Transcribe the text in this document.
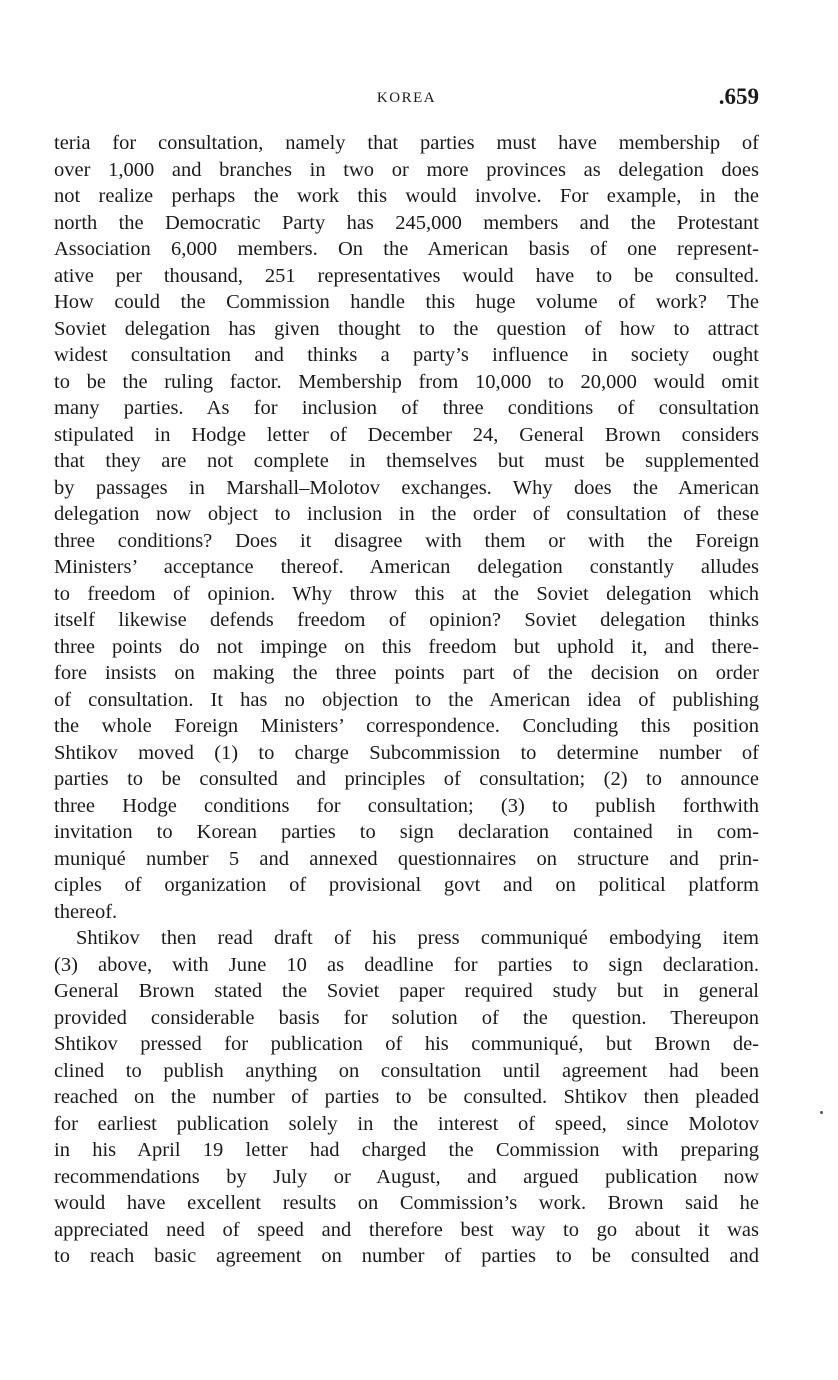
KOREA	.659
teria for consultation, namely that parties must have membership of
over 1,000 and branches in two or more provinces as delegation does
not realize perhaps the work this would involve. For example, in the
north the Democratic Party has 245,000 members and the Protestant
Association 6,000 members. On the American basis of one represent-
ative per thousand, 251 representatives would have to be consulted.
How could the Commission handle this huge volume of work? The
Soviet delegation has given thought to the question of how to attract
widest consultation and thinks a party’s influence in society ought
to be the ruling factor. Membership from 10,000 to 20,000 would omit
many parties. As for inclusion of three conditions of consultation
stipulated in Hodge letter of December 24, General Brown considers
that they are not complete in themselves but must be supplemented
by passages in Marshall–Molotov exchanges. Why does the American
delegation now object to inclusion in the order of consultation of these
three conditions? Does it disagree with them or with the Foreign
Ministers’ acceptance thereof. American delegation constantly alludes
to freedom of opinion. Why throw this at the Soviet delegation which
itself likewise defends freedom of opinion? Soviet delegation thinks
three points do not impinge on this freedom but uphold it, and there-
fore insists on making the three points part of the decision on order
of consultation. It has no objection to the American idea of publishing
the whole Foreign Ministers’ correspondence. Concluding this position
Shtikov moved (1) to charge Subcommission to determine number of
parties to be consulted and principles of consultation; (2) to announce
three Hodge conditions for consultation; (3) to publish forthwith
invitation to Korean parties to sign declaration contained in com-
muniqué number 5 and annexed questionnaires on structure and prin-
ciples of organization of provisional govt and on political platform
thereof.
Shtikov then read draft of his press communiqué embodying item
(3) above, with June 10 as deadline for parties to sign declaration.
General Brown stated the Soviet paper required study but in general
provided considerable basis for solution of the question. Thereupon
Shtikov pressed for publication of his communiqué, but Brown de-
clined to publish anything on consultation until agreement had been
reached on the number of parties to be consulted. Shtikov then pleaded
for earliest publication solely in the interest of speed, since Molotov
in his April 19 letter had charged the Commission with preparing
recommendations by July or August, and argued publication now
would have excellent results on Commission’s work. Brown said he
appreciated need of speed and therefore best way to go about it was
to reach basic agreement on number of parties to be consulted and
